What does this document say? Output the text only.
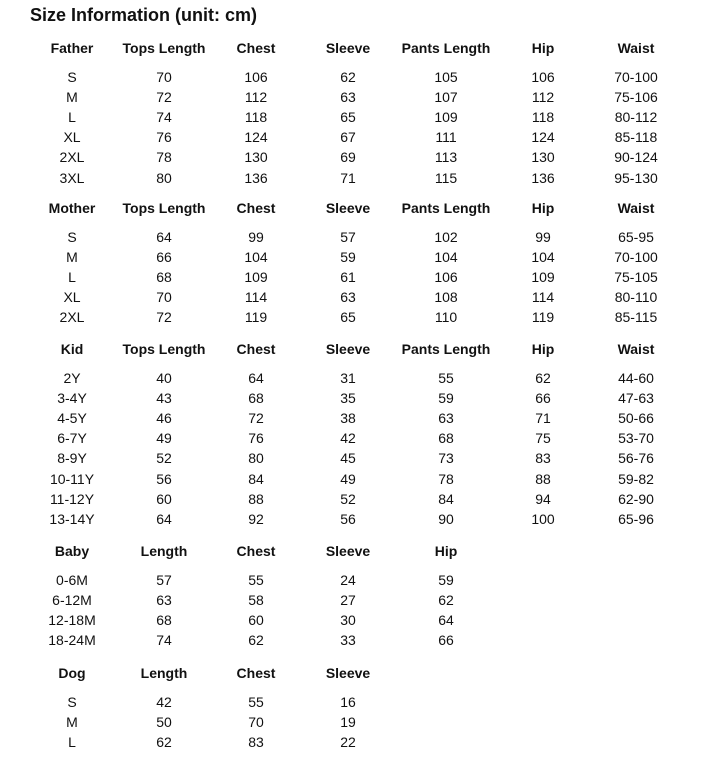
Size Information (unit: cm)
Father	Tops Length	Chest	Sleeve	Pants Length	Hip	Waist
S	70	106	62	105	106	70-100
M	72	112	63	107	112	75-106
L	74	118	65	109	118	80-112
XL	76	124	67	111	124	85-118
2XL	78	130	69	113	130	90-124
3XL	80	136	71	115	136	95-130
Mother	Tops Length	Chest	Sleeve	Pants Length	Hip	Waist
S	64	99	57	102	99	65-95
M	66	104	59	104	104	70-100
L	68	109	61	106	109	75-105
XL	70	114	63	108	114	80-110
2XL	72	119	65	110	119	85-115
Kid	Tops Length	Chest	Sleeve	Pants Length	Hip	Waist
2Y	40	64	31	55	62	44-60
3-4Y	43	68	35	59	66	47-63
4-5Y	46	72	38	63	71	50-66
6-7Y	49	76	42	68	75	53-70
8-9Y	52	80	45	73	83	56-76
10-11Y	56	84	49	78	88	59-82
11-12Y	60	88	52	84	94	62-90
13-14Y	64	92	56	90	100	65-96
Baby	Length	Chest	Sleeve	Hip
0-6M	57	55	24	59
6-12M	63	58	27	62
12-18M	68	60	30	64
18-24M	74	62	33	66
Dog	Length	Chest	Sleeve
S	42	55	16
M	50	70	19
L	62	83	22
